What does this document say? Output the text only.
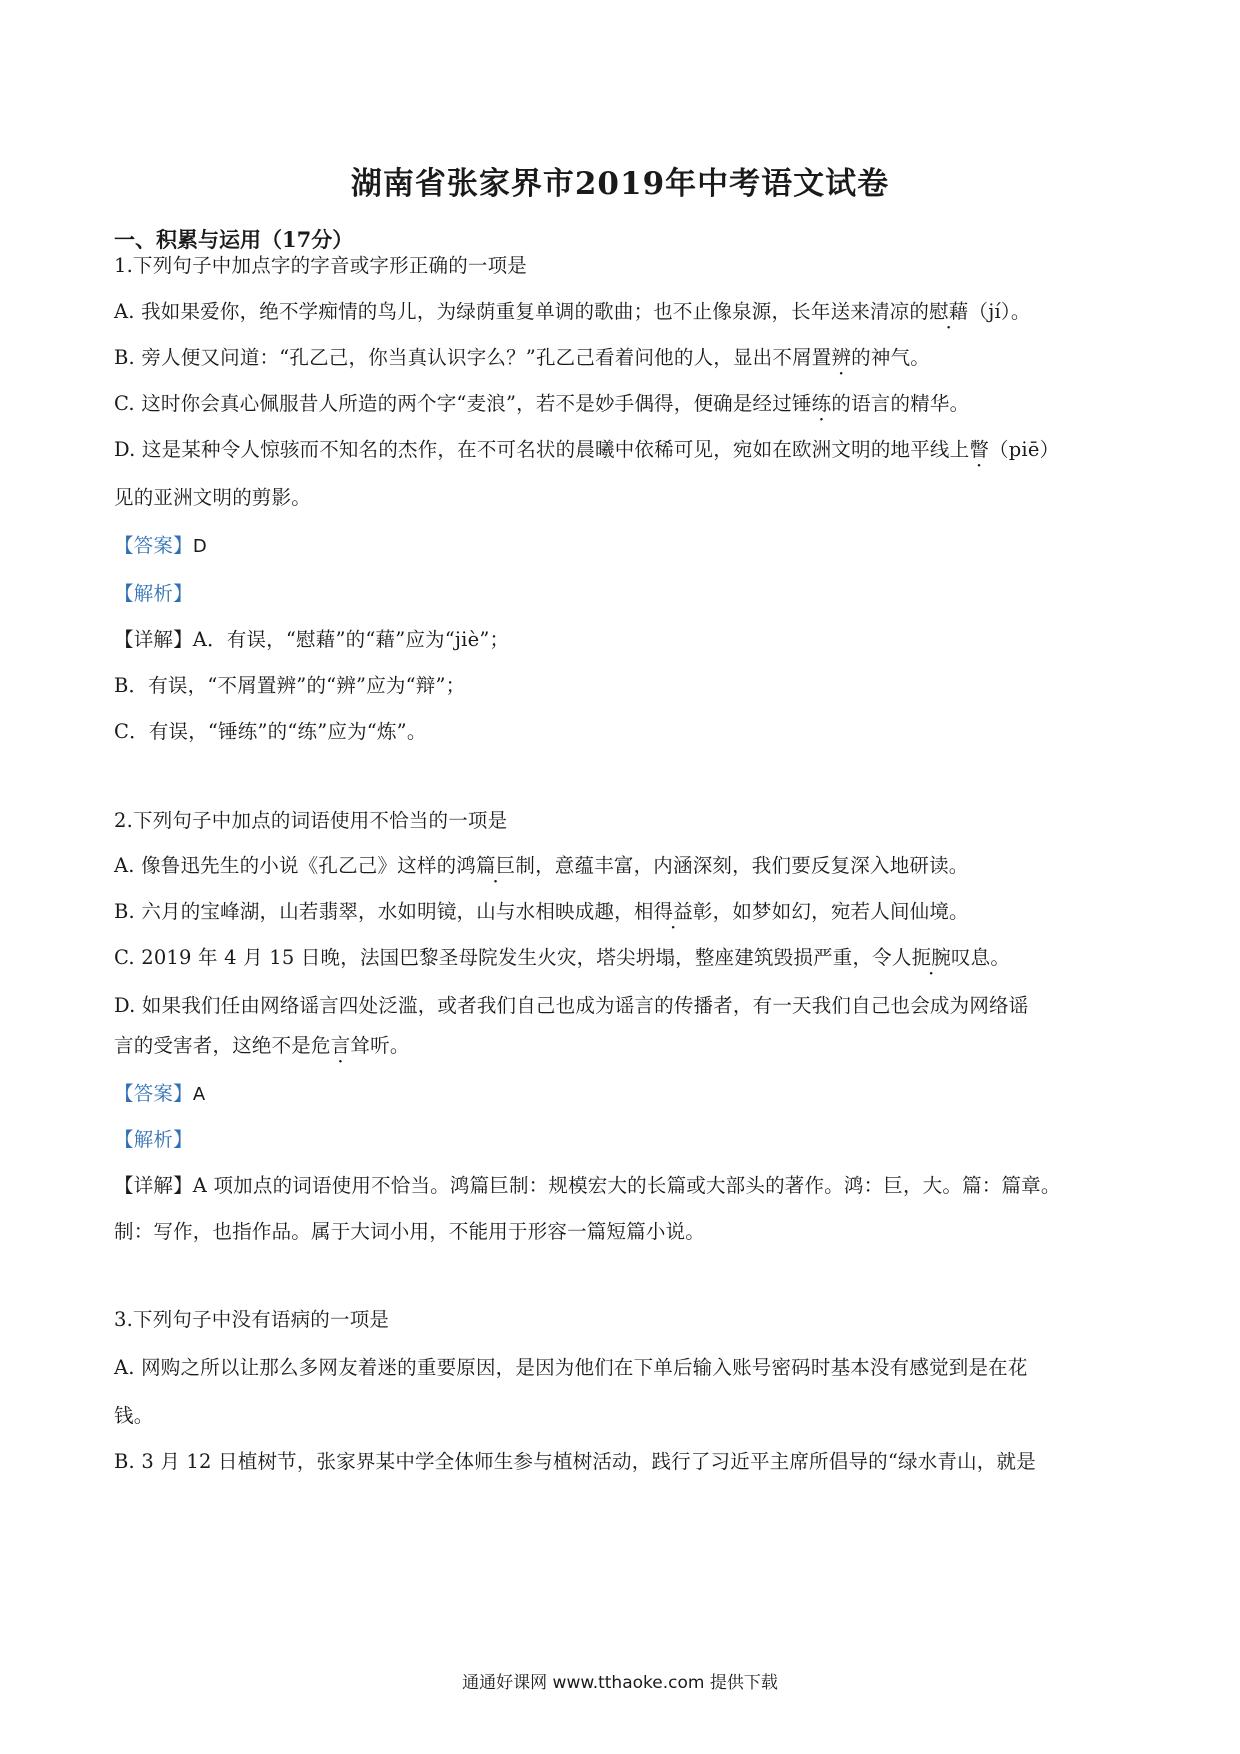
湖南省张家界市2019年中考语文试卷
一、积累与运用（17分）
1.下列句子中加点字的字音或字形正确的一项是
A. 我如果爱你，绝不学痴情的鸟儿，为绿荫重复单调的歌曲；也不止像泉源，长年送来清凉的慰藉（jí）。
B. 旁人便又问道：“孔乙己，你当真认识字么？”孔乙己看着问他的人，显出不屑置辨的神气。
C. 这时你会真心佩服昔人所造的两个字“麦浪”，若不是妙手偶得，便确是经过锤练的语言的精华。
D. 这是某种令人惊骇而不知名的杰作，在不可名状的晨曦中依稀可见，宛如在欧洲文明的地平线上瞥（piē）
见的亚洲文明的剪影。
【答案】D
【解析】
【详解】A．有误，“慰藉”的“藉”应为“jiè”；
B．有误，“不屑置辨”的“辨”应为“辩”；
C．有误，“锤练”的“练”应为“炼”。
2.下列句子中加点的词语使用不恰当的一项是
A. 像鲁迅先生的小说《孔乙己》这样的鸿篇巨制，意蕴丰富，内涵深刻，我们要反复深入地研读。
B. 六月的宝峰湖，山若翡翠，水如明镜，山与水相映成趣，相得益彰，如梦如幻，宛若人间仙境。
C. 2019 年 4 月 15 日晚，法国巴黎圣母院发生火灾，塔尖坍塌，整座建筑毁损严重，令人扼腕叹息。
D. 如果我们任由网络谣言四处泛滥，或者我们自己也成为谣言的传播者，有一天我们自己也会成为网络谣
言的受害者，这绝不是危言耸听。
【答案】A
【解析】
【详解】A 项加点的词语使用不恰当。鸿篇巨制：规模宏大的长篇或大部头的著作。鸿：巨，大。篇：篇章。
制：写作，也指作品。属于大词小用，不能用于形容一篇短篇小说。
3.下列句子中没有语病的一项是
A. 网购之所以让那么多网友着迷的重要原因，是因为他们在下单后输入账号密码时基本没有感觉到是在花
钱。
B. 3 月 12 日植树节，张家界某中学全体师生参与植树活动，践行了习近平主席所倡导的“绿水青山，就是
通通好课网 www.tthaoke.com 提供下载
